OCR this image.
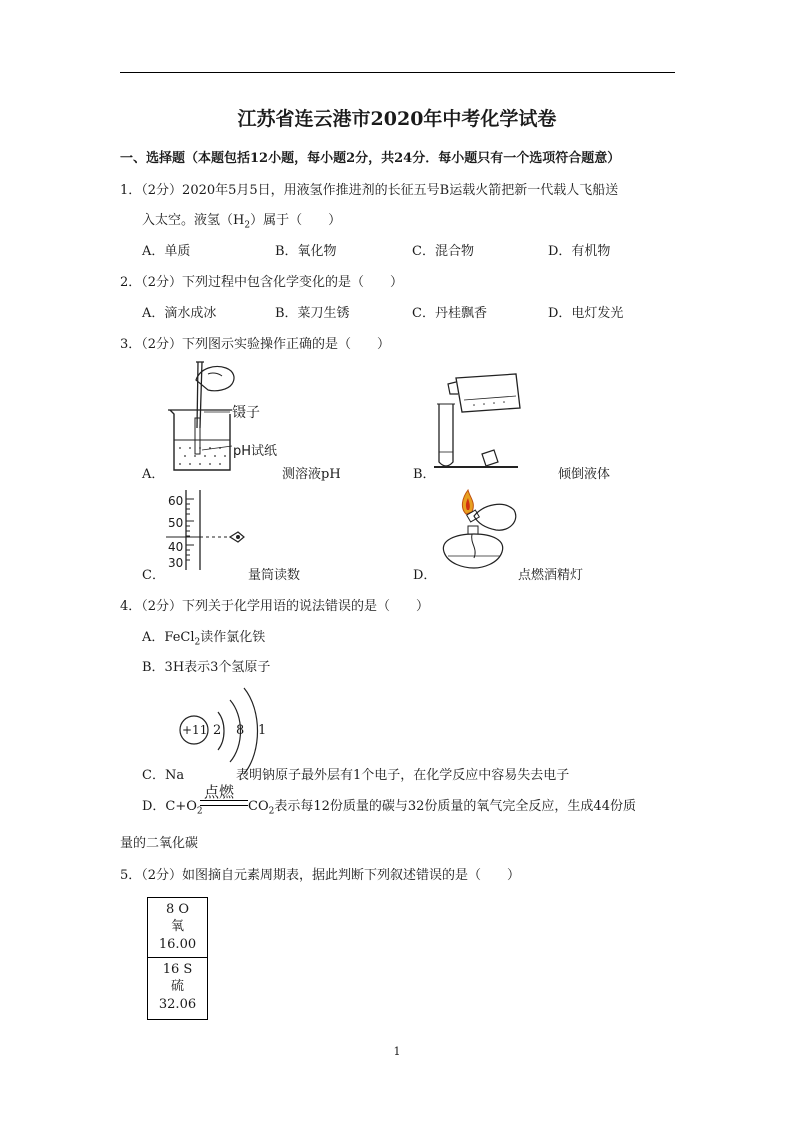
江苏省连云港市2020年中考化学试卷
一、选择题（本题包括12小题，每小题2分，共24分．每小题只有一个选项符合题意）
1．（2分）2020年5月5日，用液氢作推进剂的长征五号B运载火箭把新一代载人飞船送
入太空。液氢$(H_2)$属于（　　）
A．单质	B．氧化物	C．混合物	D．有机物
2．（2分）下列过程中包含化学变化的是（　　）
A．滴水成冰	B．菜刀生锈	C．丹桂飘香	D．电灯发光
3．（2分）下列图示实验操作正确的是（　　）
镊子
pH试纸
A．	测溶液pH	B．	倾倒液体
60
50
40
30
C．	量筒读数	D．	点燃酒精灯
4．（2分）下列关于化学用语的说法错误的是（　　）
A．FeCl$_2$读作氯化铁
B．3H表示3个氢原子
+11 2 8 1
C．Na	表明钠原子最外层有1个电子，在化学反应中容易失去电子
D．$C+O_2$
点燃
$CO_2$表示每12份质量的碳与32份质量的氧气完全反应，生成44份质
量的二氧化碳
5．（2分）如图摘自元素周期表，据此判断下列叙述错误的是（　　）
8 O
氧
16.00
16 S
硫
32.06
1
